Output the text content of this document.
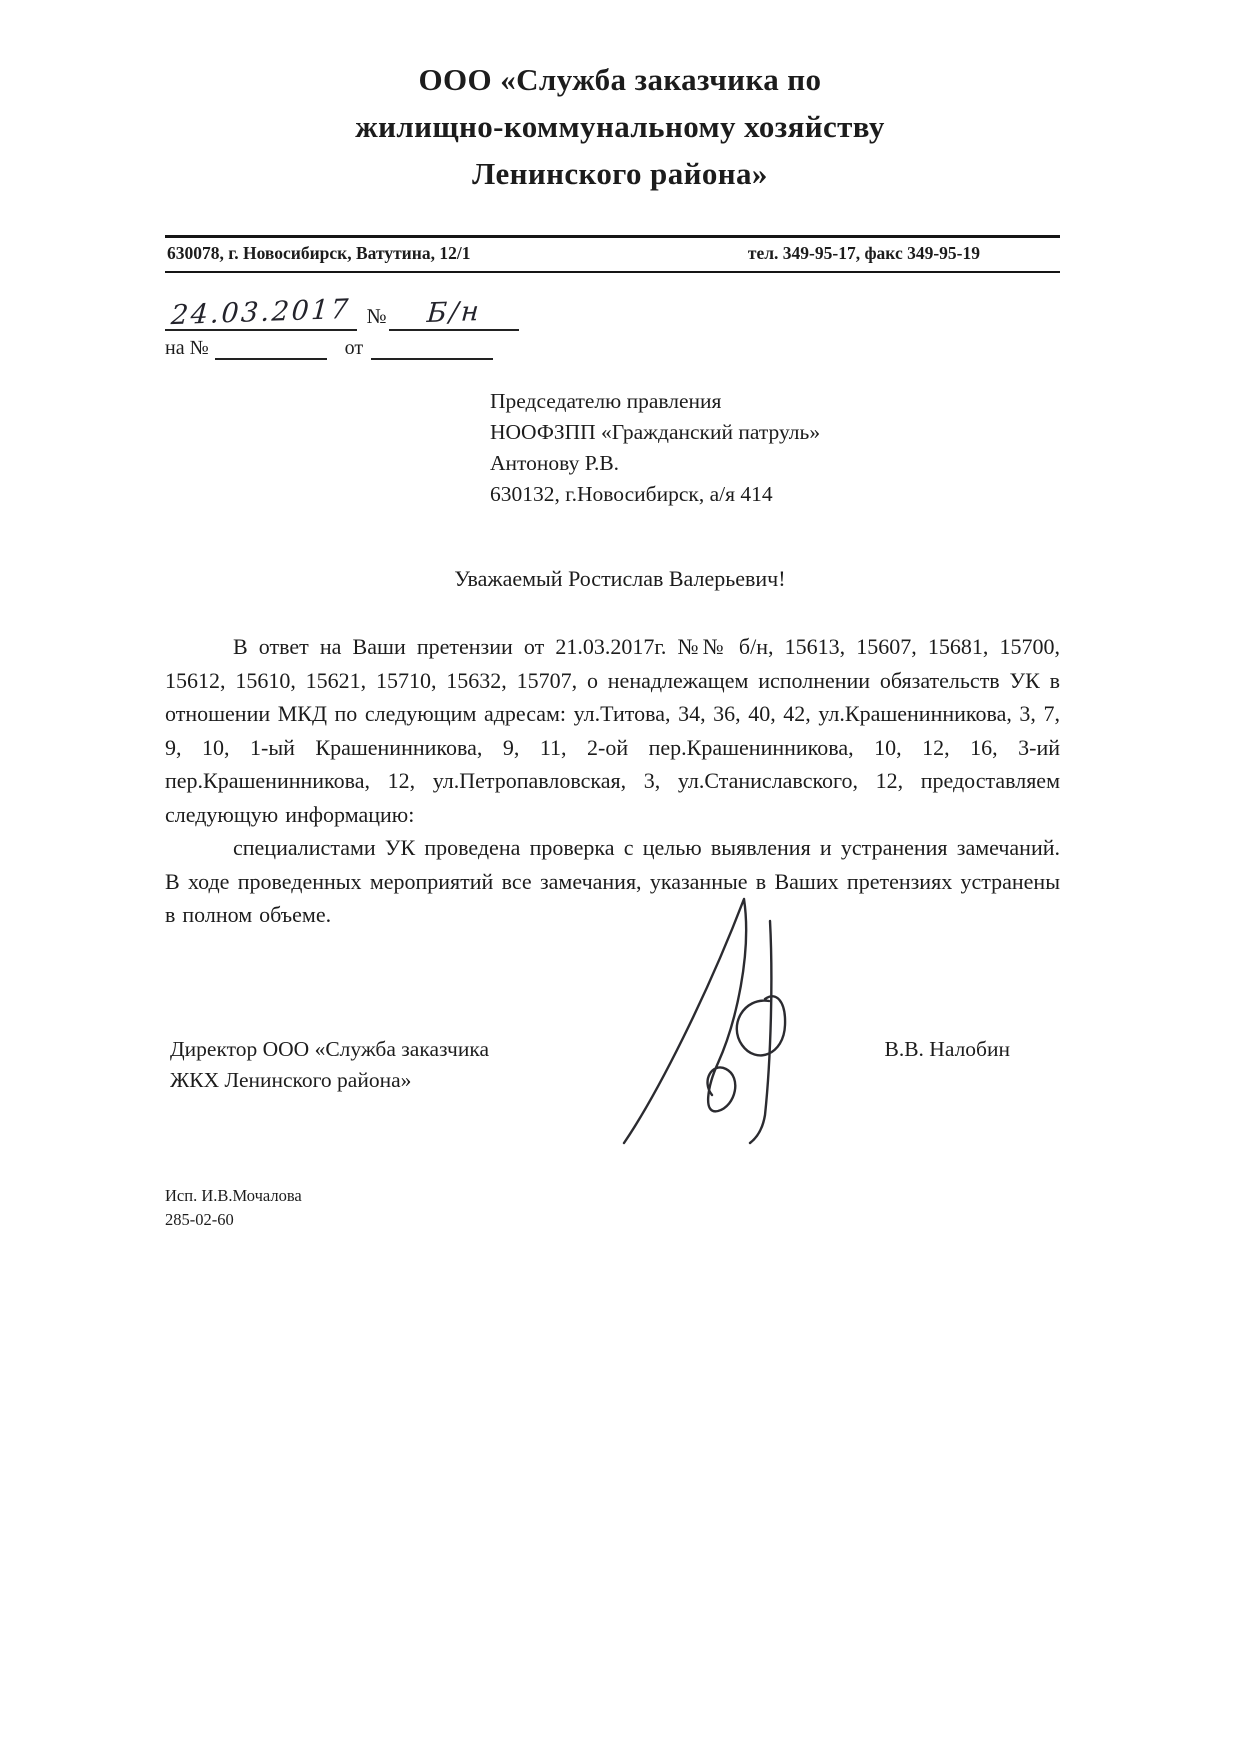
ООО «Служба заказчика по
жилищно-коммунальному хозяйству
Ленинского района»
630078, г. Новосибирск, Ватутина, 12/1	тел. 349-95-17, факс 349-95-19
24.03.2017 №	Б/н
на №	от
Председателю правления
НООФЗПП «Гражданский патруль»
Антонову Р.В.
630132, г.Новосибирск, а/я 414
Уважаемый Ростислав Валерьевич!

В ответ на Ваши претензии от 21.03.2017г. №№ б/н, 15613, 15607, 15681, 15700, 15612, 15610, 15621, 15710, 15632, 15707, о ненадлежащем исполнении обязательств УК в отношении МКД по следующим адресам: ул.Титова, 34, 36, 40, 42, ул.Крашенинникова, 3, 7, 9, 10, 1-ый Крашенинникова, 9, 11, 2-ой пер.Крашенинникова, 10, 12, 16, 3-ий пер.Крашенинникова, 12, ул.Петропавловская, 3, ул.Станиславского, 12, предоставляем следующую информацию:

специалистами УК проведена проверка с целью выявления и устранения замечаний. В ходе проведенных мероприятий все замечания, указанные в Ваших претензиях устранены в полном объеме.

Директор ООО «Служба заказчика
ЖКХ Ленинского района»
В.В. Налобин
Исп. И.В.Мочалова
285-02-60
